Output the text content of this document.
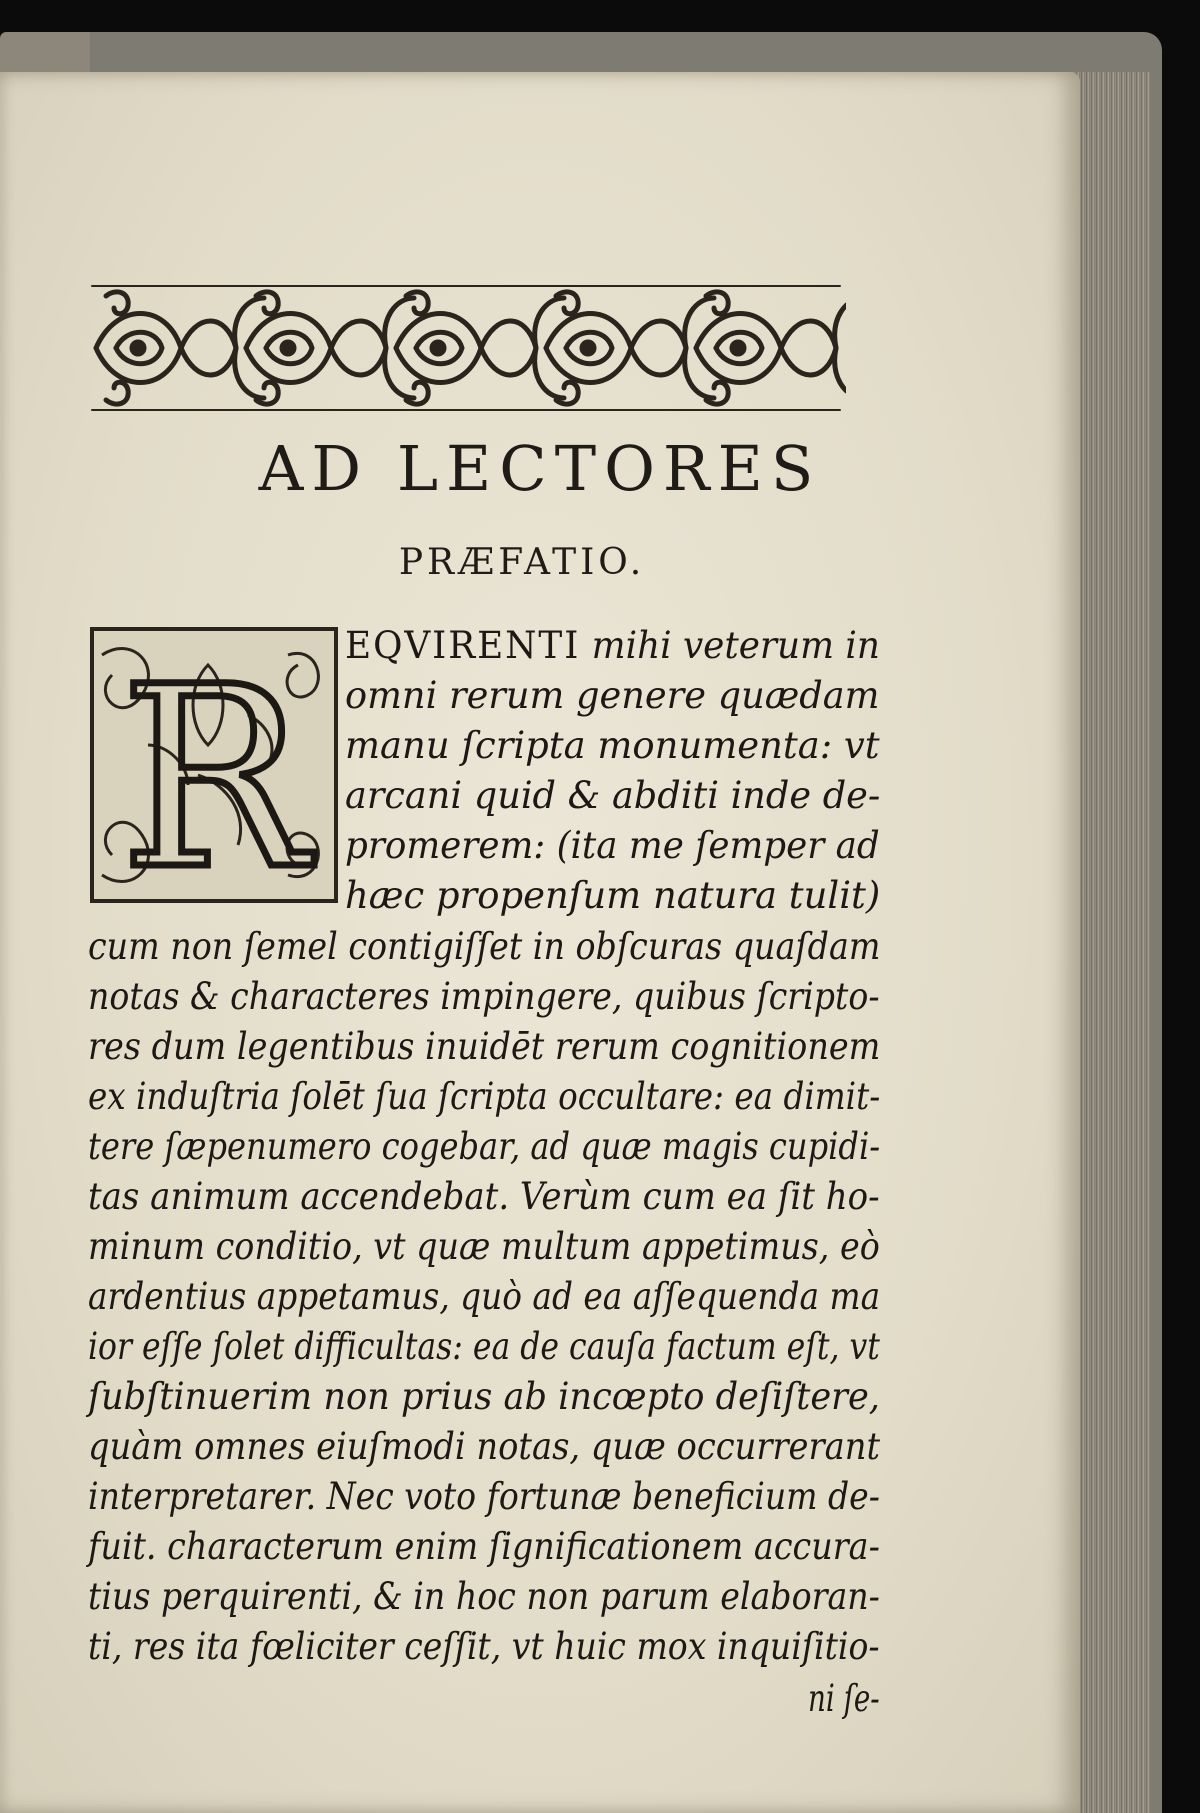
AD LECTORES
PRÆFATIO.
R EQVIRENTI mihi veterum in
omni rerum genere quædam
manu ſcripta monumenta: vt
arcani quid & abditi inde de-
promerem: (ita me ſemper ad
hæc propenſum natura tulit)
cum non ſemel contigiſſet in obſcuras quaſdam
notas & characteres impingere, quibus ſcripto-
res dum legentibus inuidēt rerum cognitionem
ex induſtria ſolēt ſua ſcripta occultare: ea dimit-
tere ſæpenumero cogebar, ad quæ magis cupidi-
tas animum accendebat. Verùm cum ea ſit ho-
minum conditio, vt quæ multum appetimus, eò
ardentius appetamus, quò ad ea aſſequenda ma
ior eſſe ſolet difficultas: ea de cauſa factum eſt, vt
ſubſtinuerim non prius ab incœpto deſiſtere,
quàm omnes eiuſmodi notas, quæ occurrerant
interpretarer. Nec voto fortunæ beneficium de-
fuit. characterum enim ſignificationem accura-
tius perquirenti, & in hoc non parum elaboran-
ti, res ita fœliciter ceſſit, vt huic mox inquiſitio-
ni ſe-
